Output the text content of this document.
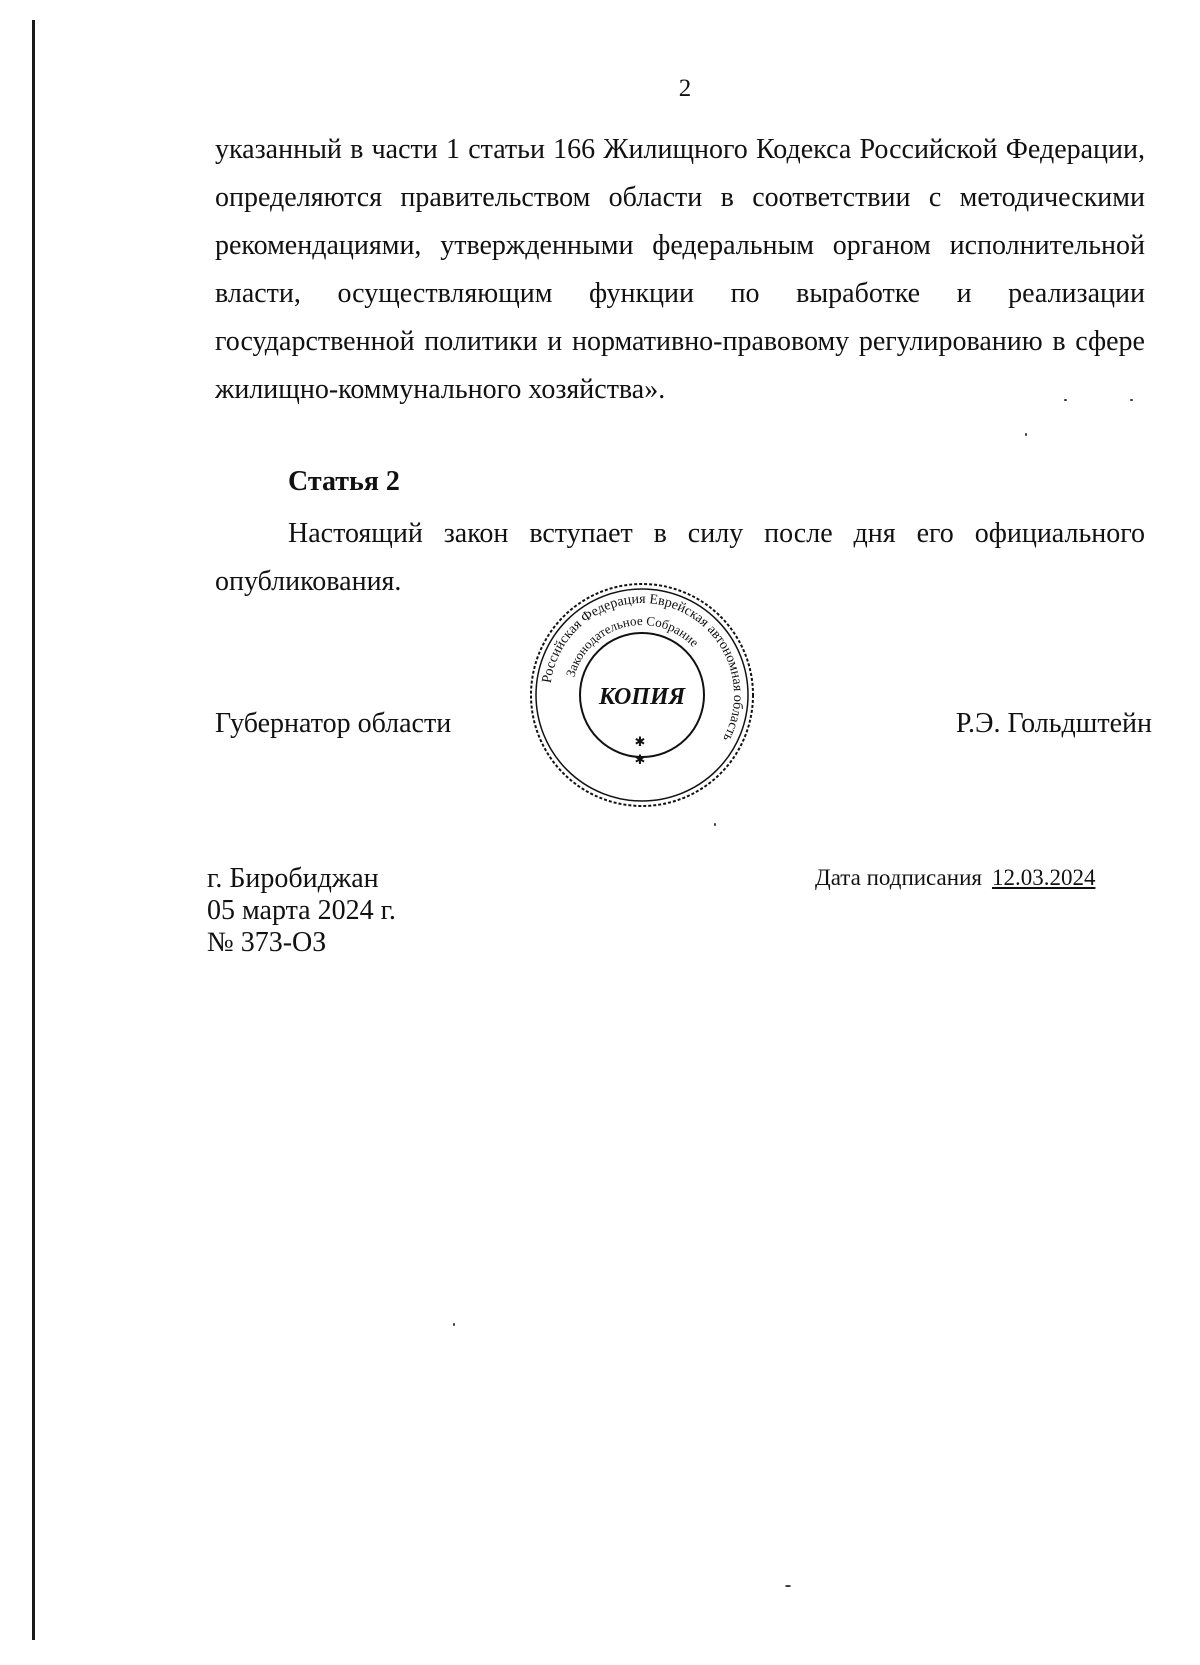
2
указанный в части 1 статьи 166 Жилищного Кодекса Российской Федерации,
определяются правительством области в соответствии с методическими
рекомендациями, утвержденными федеральным органом исполнительной
власти, осуществляющим функции по выработке и реализации
государственной политики и нормативно-правовому регулированию в сфере
жилищно-коммунального хозяйства».
Статья 2
Настоящий закон вступает в силу после дня его официального
опубликования.
Губернатор области	Р.Э. Гольдштейн
Российская Федерация Еврейская автономная область
Законодательное Собрание
КОПИЯ
✱
✱
г. Биробиджан
05 марта 2024 г.
№ 373-ОЗ
Дата подписания 12.03.2024
